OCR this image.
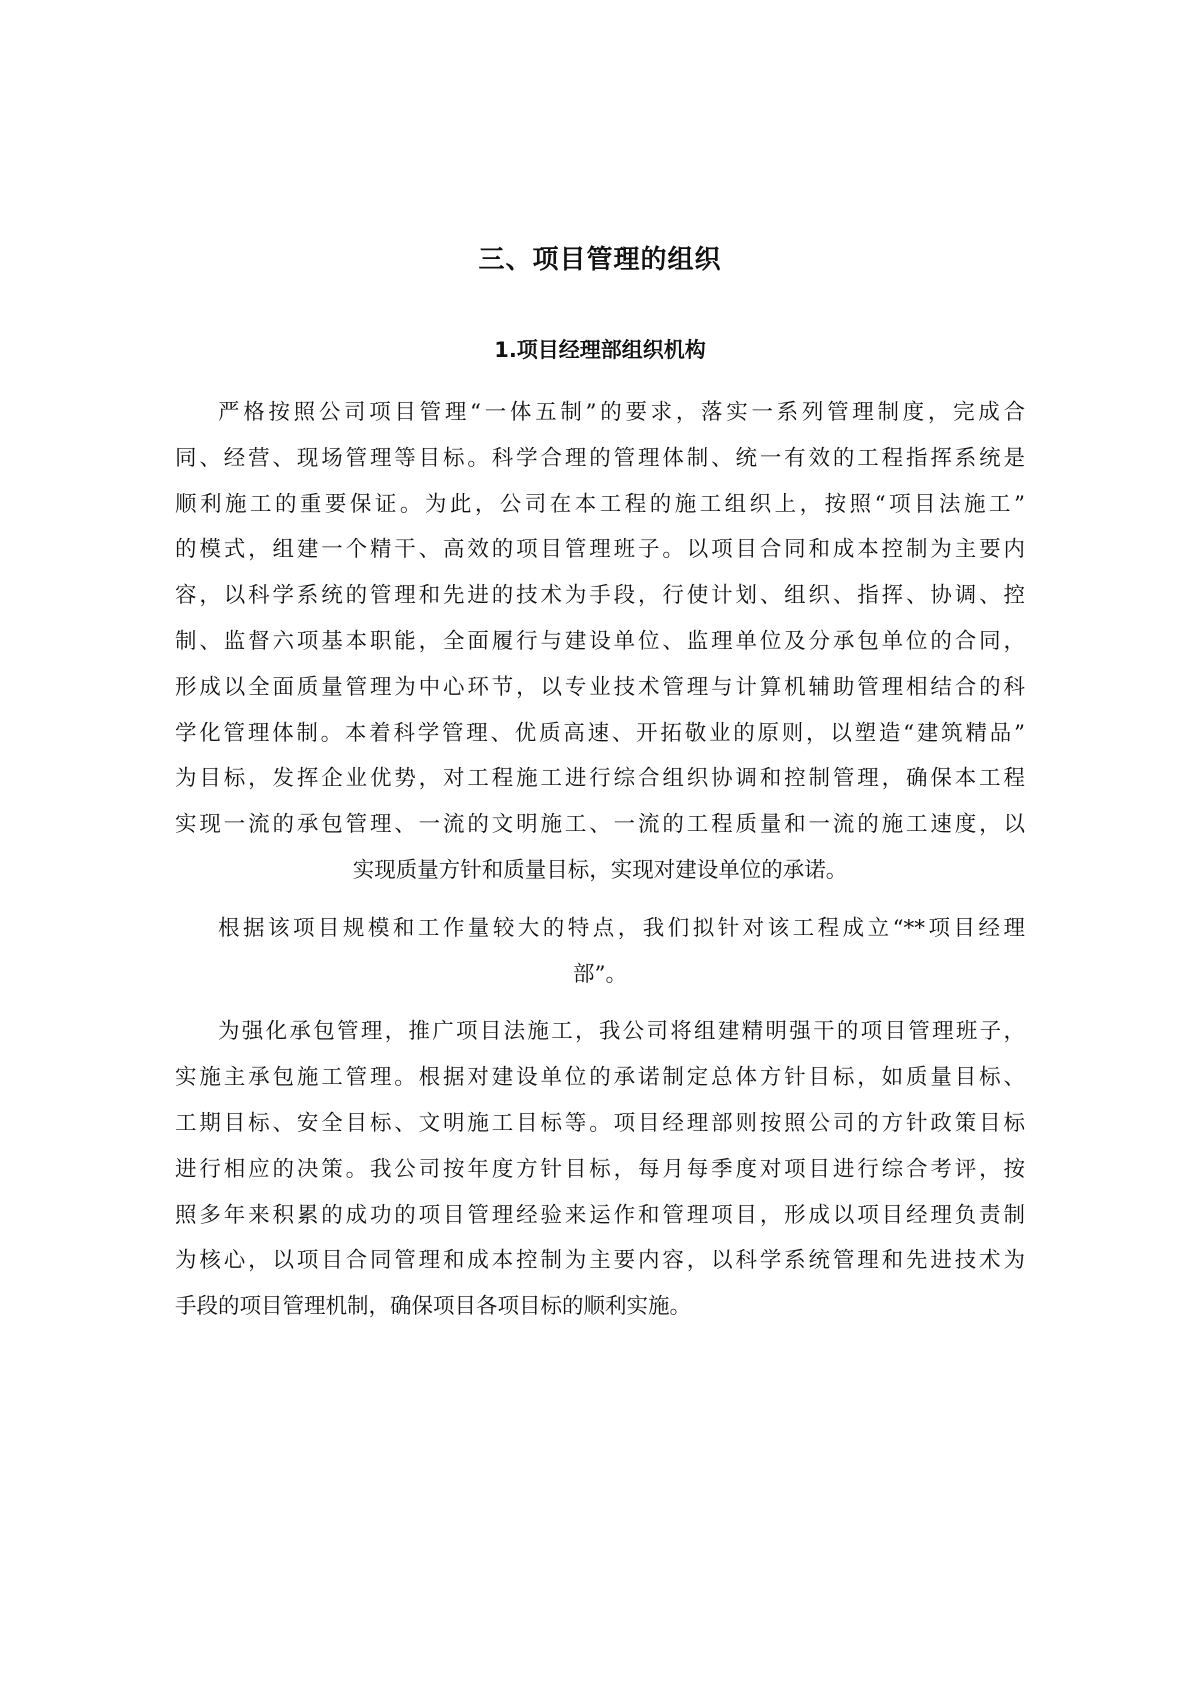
三、项目管理的组织
1.项目经理部组织机构
严格按照公司项目管理“一体五制”的要求，落实一系列管理制度，完成合
同、经营、现场管理等目标。科学合理的管理体制、统一有效的工程指挥系统是
顺利施工的重要保证。为此，公司在本工程的施工组织上，按照“项目法施工”
的模式，组建一个精干、高效的项目管理班子。以项目合同和成本控制为主要内
容，以科学系统的管理和先进的技术为手段，行使计划、组织、指挥、协调、控
制、监督六项基本职能，全面履行与建设单位、监理单位及分承包单位的合同，
形成以全面质量管理为中心环节，以专业技术管理与计算机辅助管理相结合的科
学化管理体制。本着科学管理、优质高速、开拓敬业的原则，以塑造“建筑精品”
为目标，发挥企业优势，对工程施工进行综合组织协调和控制管理，确保本工程
实现一流的承包管理、一流的文明施工、一流的工程质量和一流的施工速度，以
实现质量方针和质量目标，实现对建设单位的承诺。
根据该项目规模和工作量较大的特点，我们拟针对该工程成立“**项目经理
部”。
为强化承包管理，推广项目法施工，我公司将组建精明强干的项目管理班子，
实施主承包施工管理。根据对建设单位的承诺制定总体方针目标，如质量目标、
工期目标、安全目标、文明施工目标等。项目经理部则按照公司的方针政策目标
进行相应的决策。我公司按年度方针目标，每月每季度对项目进行综合考评，按
照多年来积累的成功的项目管理经验来运作和管理项目，形成以项目经理负责制
为核心，以项目合同管理和成本控制为主要内容，以科学系统管理和先进技术为
手段的项目管理机制，确保项目各项目标的顺利实施。
